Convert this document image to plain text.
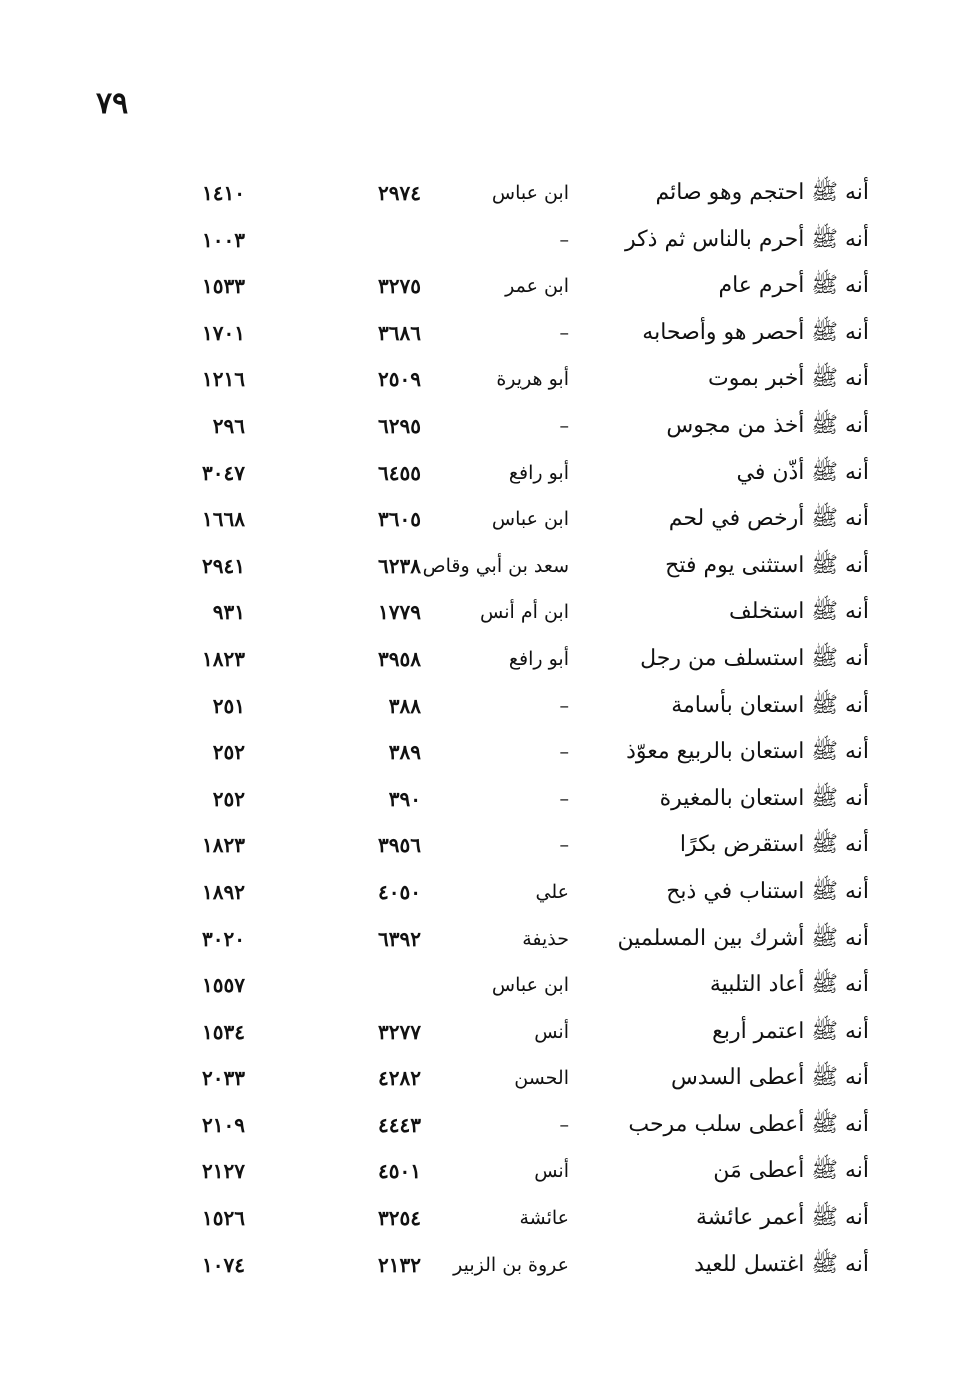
٧٩
أنه ﷺ احتجم وهو صائم
ابن عباس
٢٩٧٤
١٤١٠
أنه ﷺ أحرم بالناس ثم ذكر
–
١٠٠٣
أنه ﷺ أحرم عام
ابن عمر
٣٢٧٥
١٥٣٣
أنه ﷺ أحصر هو وأصحابه
–
٣٦٨٦
١٧٠١
أنه ﷺ أخبر بموت
أبو هريرة
٢٥٠٩
١٢١٦
أنه ﷺ أخذ من مجوس
–
٦٢٩٥
٢٩٦
أنه ﷺ أذّن في
أبو رافع
٦٤٥٥
٣٠٤٧
أنه ﷺ أرخص في لحم
ابن عباس
٣٦٠٥
١٦٦٨
أنه ﷺ استثنى يوم فتح
سعد بن أبي وقاص
٦٢٣٨
٢٩٤١
أنه ﷺ استخلف
ابن أم أنس
١٧٧٩
٩٣١
أنه ﷺ استسلف من رجل
أبو رافع
٣٩٥٨
١٨٢٣
أنه ﷺ استعان بأسامة
–
٣٨٨
٢٥١
أنه ﷺ استعان بالربيع معوّذ
–
٣٨٩
٢٥٢
أنه ﷺ استعان بالمغيرة
–
٣٩٠
٢٥٢
أنه ﷺ استقرض بكرًا
–
٣٩٥٦
١٨٢٣
أنه ﷺ استناب في ذبح
علي
٤٠٥٠
١٨٩٢
أنه ﷺ أشرك بين المسلمين
حذيفة
٦٣٩٢
٣٠٢٠
أنه ﷺ أعاد التلبية
ابن عباس
١٥٥٧
أنه ﷺ اعتمر أربع
أنس
٣٢٧٧
١٥٣٤
أنه ﷺ أعطى السدس
الحسن
٤٢٨٢
٢٠٣٣
أنه ﷺ أعطى سلب مرحب
–
٤٤٤٣
٢١٠٩
أنه ﷺ أعطى مَن
أنس
٤٥٠١
٢١٢٧
أنه ﷺ أعمر عائشة
عائشة
٣٢٥٤
١٥٢٦
أنه ﷺ اغتسل للعيد
عروة بن الزبير
٢١٣٢
١٠٧٤
